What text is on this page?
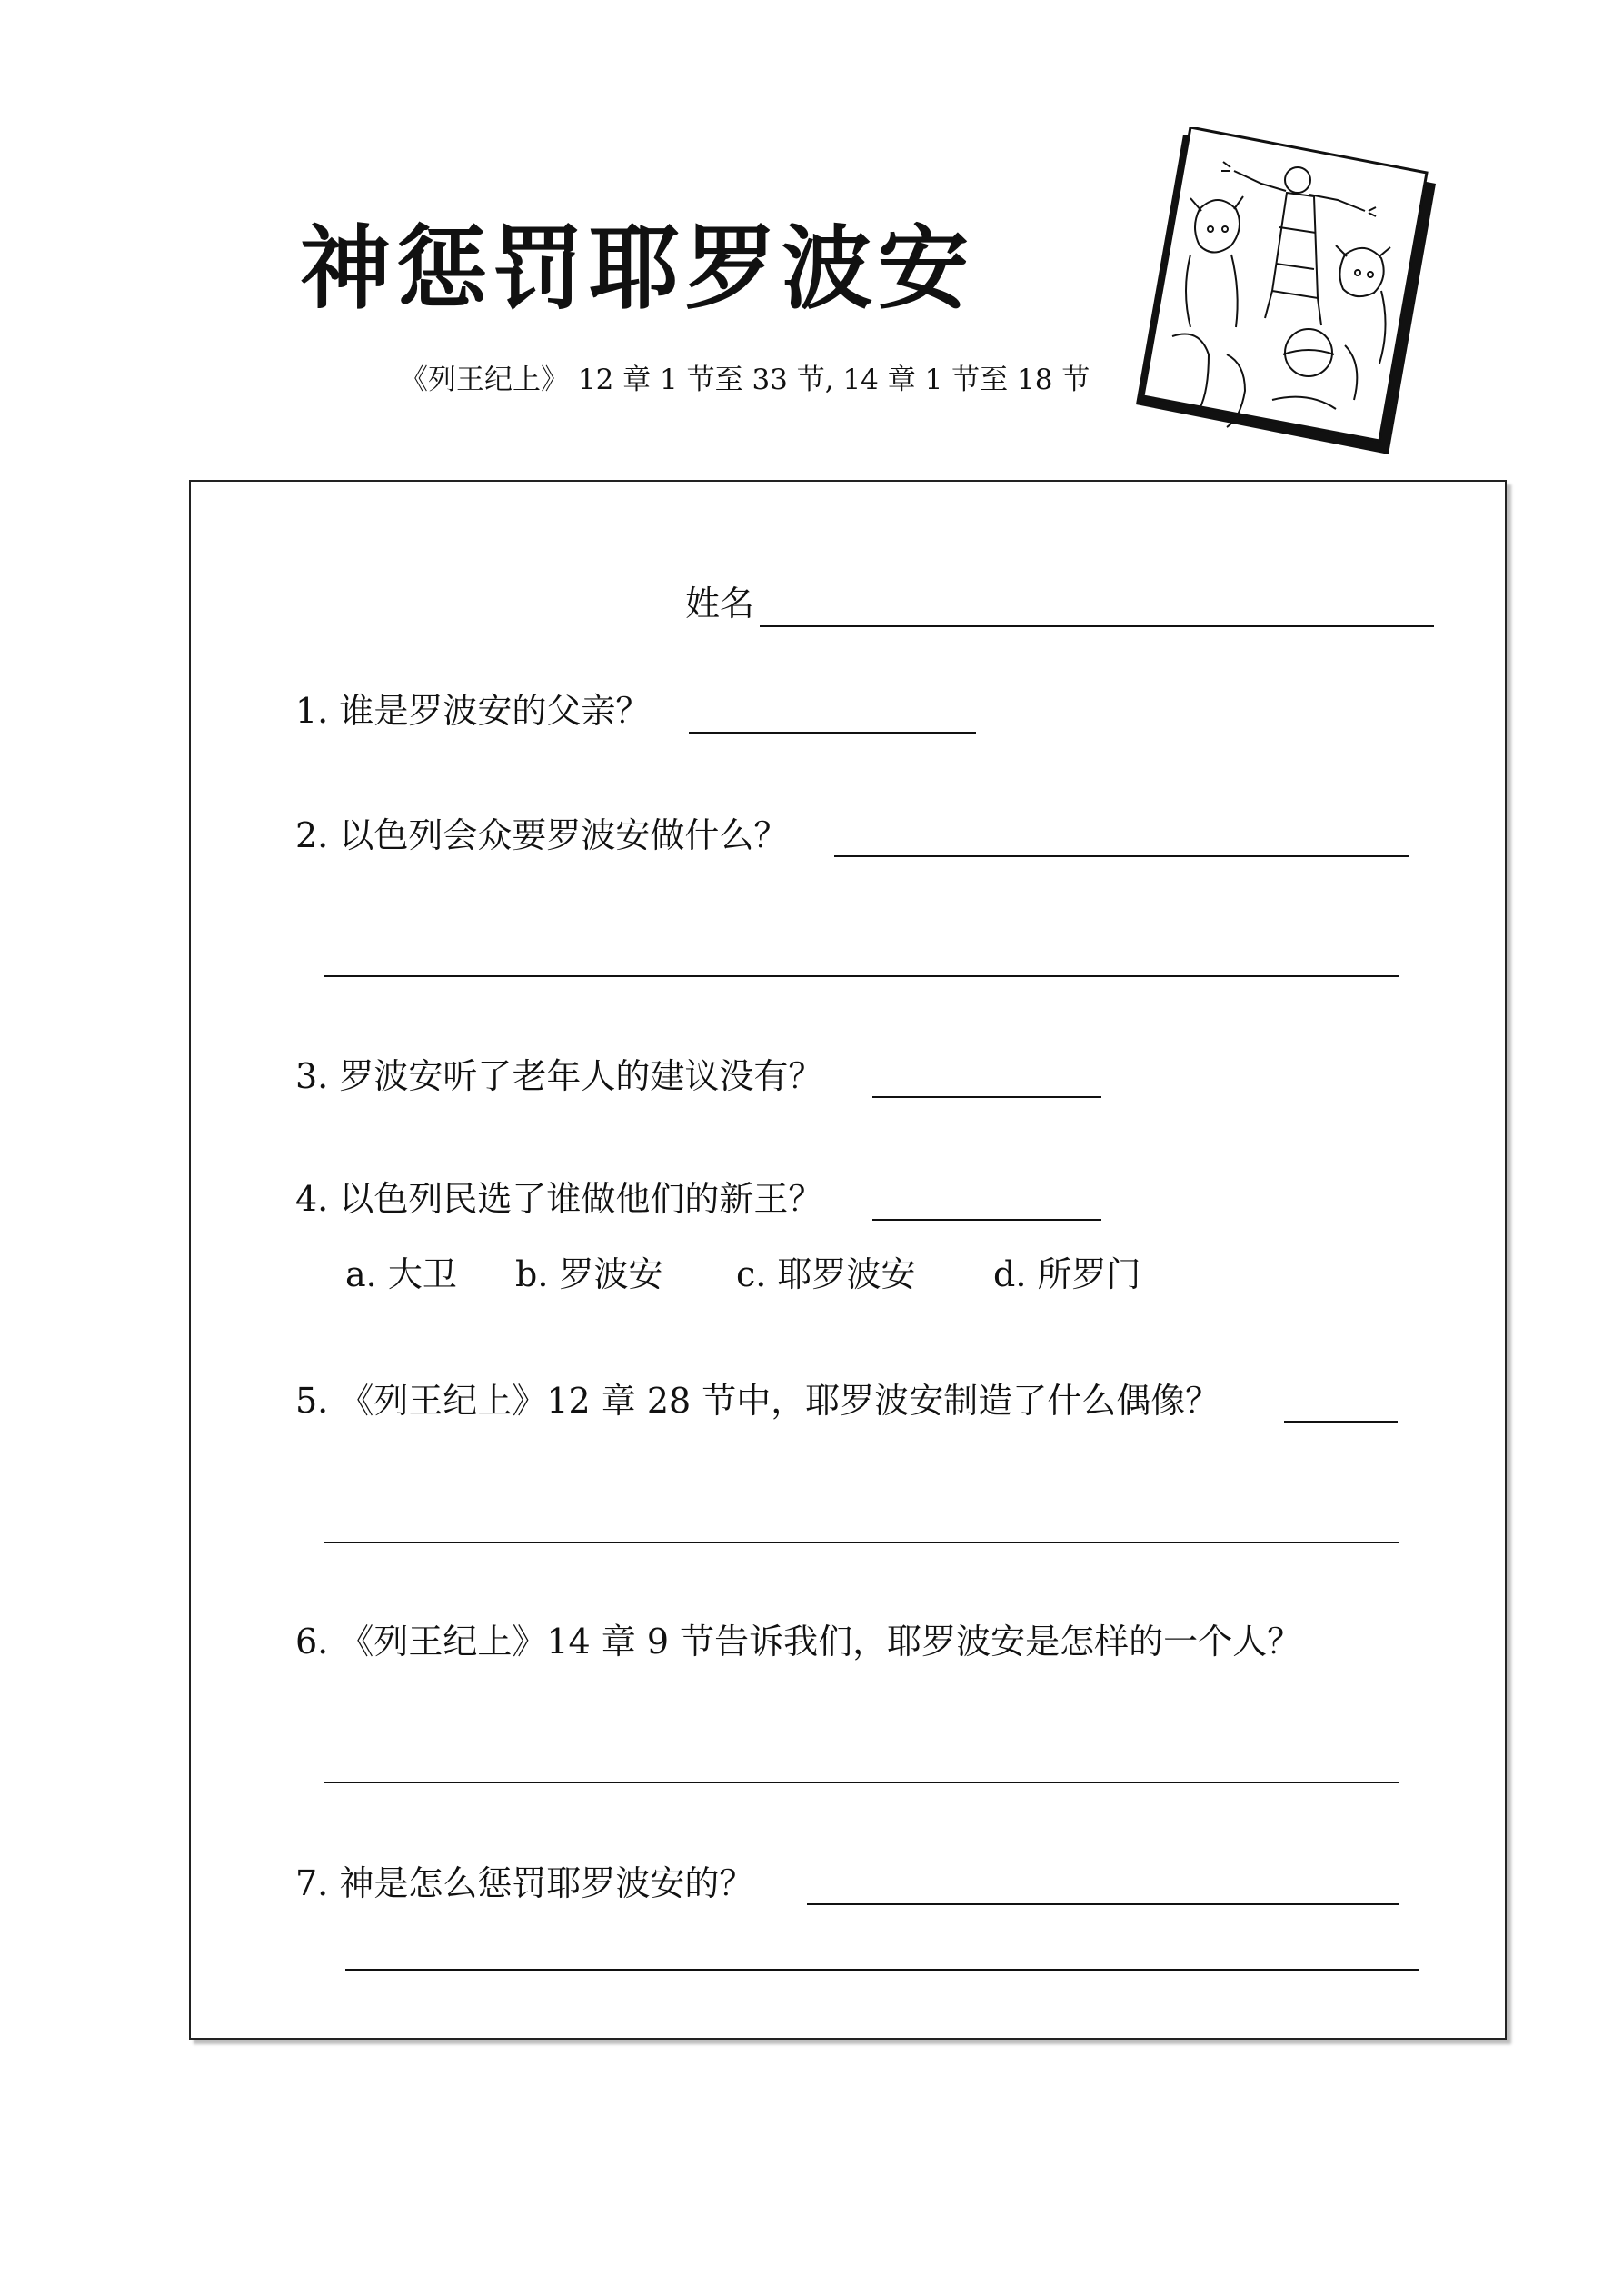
神惩罚耶罗波安
《列王纪上》 12 章 1 节至 33 节, 14 章 1 节至 18 节
姓名
1. 谁是罗波安的父亲？
2. 以色列会众要罗波安做什么？
3. 罗波安听了老年人的建议没有？
4. 以色列民选了谁做他们的新王？
a. 大卫 b. 罗波安 c. 耶罗波安 d. 所罗门
5. 《列王纪上》12 章 28 节中，耶罗波安制造了什么偶像？
6. 《列王纪上》14 章 9 节告诉我们，耶罗波安是怎样的一个人？
7. 神是怎么惩罚耶罗波安的？
